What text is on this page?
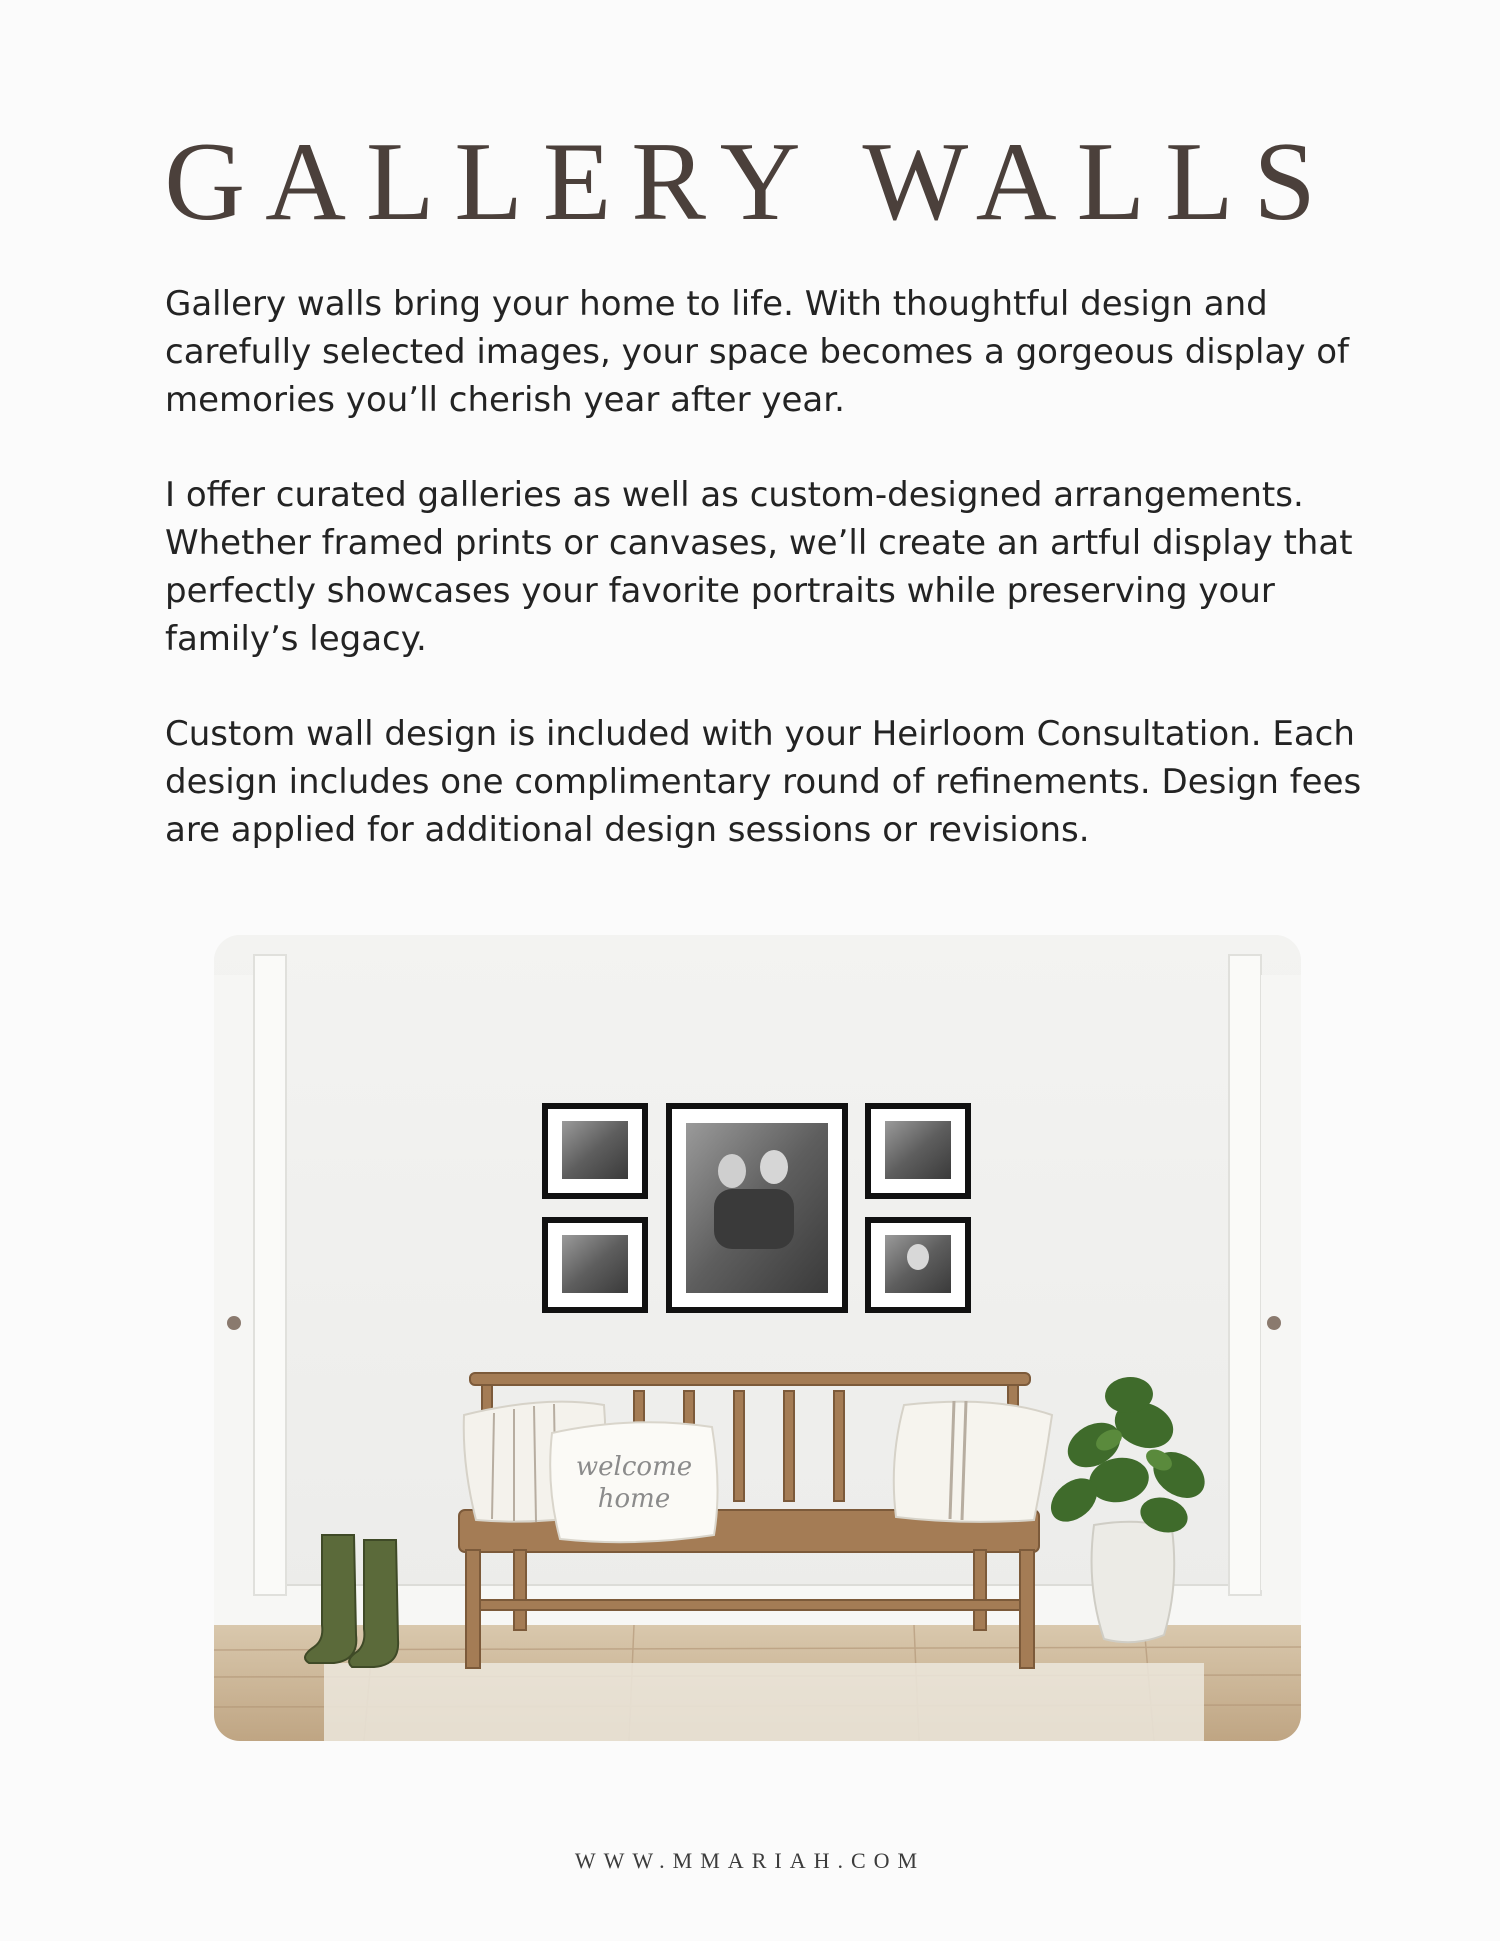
GALLERY WALLS

Gallery walls bring your home to life. With thoughtful design and carefully selected images, your space becomes a gorgeous display of memories you’ll cherish year after year.

I offer curated galleries as well as custom-designed arrangements. Whether framed prints or canvases, we’ll create an artful display that perfectly showcases your favorite portraits while preserving your family’s legacy.

Custom wall design is included with your Heirloom Consultation. Each design includes one complimentary round of refinements. Design fees are applied for additional design sessions or revisions.

welcome
home
WWW.MMARIAH.COM
